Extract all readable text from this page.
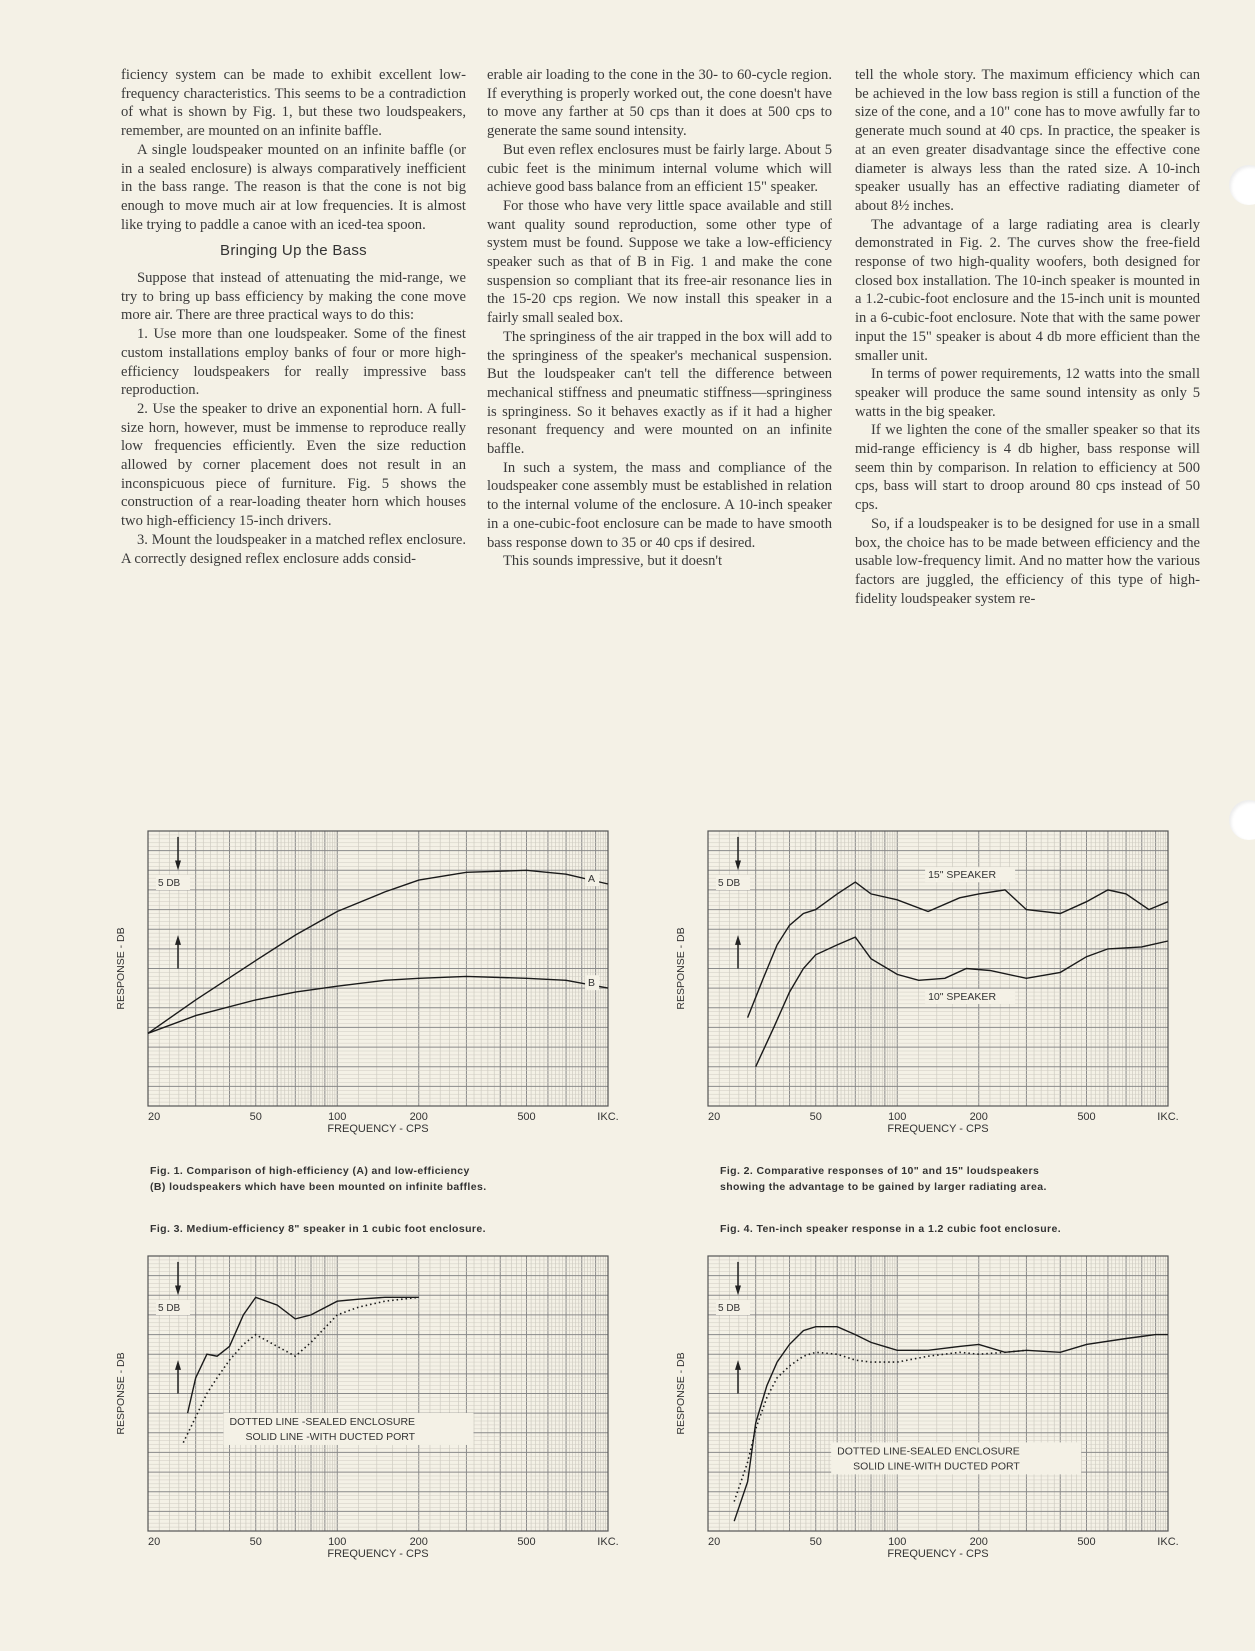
ficiency system can be made to exhibit excellent low-frequency characteristics. This seems to be a contradiction of what is shown by Fig. 1, but these two loudspeakers, remember, are mounted on an infinite baffle.

A single loudspeaker mounted on an infinite baffle (or in a sealed enclosure) is always comparatively inefficient in the bass range. The reason is that the cone is not big enough to move much air at low frequencies. It is almost like trying to paddle a canoe with an iced-tea spoon.

Bringing Up the Bass

Suppose that instead of attenuating the mid-range, we try to bring up bass efficiency by making the cone move more air. There are three practical ways to do this:

1. Use more than one loudspeaker. Some of the finest custom installations employ banks of four or more high-efficiency loudspeakers for really impressive bass reproduction.

2. Use the speaker to drive an exponential horn. A full-size horn, however, must be immense to reproduce really low frequencies efficiently. Even the size reduction allowed by corner placement does not result in an inconspicuous piece of furniture. Fig. 5 shows the construction of a rear-loading theater horn which houses two high-efficiency 15-inch drivers.

3. Mount the loudspeaker in a matched reflex enclosure. A correctly designed reflex enclosure adds consid-

erable air loading to the cone in the 30- to 60-cycle region. If everything is properly worked out, the cone doesn't have to move any farther at 50 cps than it does at 500 cps to generate the same sound intensity.

But even reflex enclosures must be fairly large. About 5 cubic feet is the minimum internal volume which will achieve good bass balance from an efficient 15" speaker.

For those who have very little space available and still want quality sound reproduction, some other type of system must be found. Suppose we take a low-efficiency speaker such as that of B in Fig. 1 and make the cone suspension so compliant that its free-air resonance lies in the 15-20 cps region. We now install this speaker in a fairly small sealed box.

The springiness of the air trapped in the box will add to the springiness of the speaker's mechanical suspension. But the loudspeaker can't tell the difference between mechanical stiffness and pneumatic stiffness—springiness is springiness. So it behaves exactly as if it had a higher resonant frequency and were mounted on an infinite baffle.

In such a system, the mass and compliance of the loudspeaker cone assembly must be established in relation to the internal volume of the enclosure. A 10-inch speaker in a one-cubic-foot enclosure can be made to have smooth bass response down to 35 or 40 cps if desired.

This sounds impressive, but it doesn't

tell the whole story. The maximum efficiency which can be achieved in the low bass region is still a function of the size of the cone, and a 10" cone has to move awfully far to generate much sound at 40 cps. In practice, the speaker is at an even greater disadvantage since the effective cone diameter is always less than the rated size. A 10-inch speaker usually has an effective radiating diameter of about 8½ inches.

The advantage of a large radiating area is clearly demonstrated in Fig. 2. The curves show the free-field response of two high-quality woofers, both designed for closed box installation. The 10-inch speaker is mounted in a 1.2-cubic-foot enclosure and the 15-inch unit is mounted in a 6-cubic-foot enclosure. Note that with the same power input the 15" speaker is about 4 db more efficient than the smaller unit.

In terms of power requirements, 12 watts into the small speaker will produce the same sound intensity as only 5 watts in the big speaker.

If we lighten the cone of the smaller speaker so that its mid-range efficiency is 4 db higher, bass response will seem thin by comparison. In relation to efficiency at 500 cps, bass will start to droop around 80 cps instead of 50 cps.

So, if a loudspeaker is to be designed for use in a small box, the choice has to be made between efficiency and the usable low-frequency limit. And no matter how the various factors are juggled, the efficiency of this type of high-fidelity loudspeaker system re-

5 DB	A
B
20	50	100	200	500	IKC.
FREQUENCY - CPS
RESPONSE - DB
Fig. 1. Comparison of high-efficiency (A) and low-efficiency
(B) loudspeakers which have been mounted on infinite baffles.
5 DB
15" SPEAKER
10" SPEAKER
20	50	100	200	500	IKC.
FREQUENCY - CPS
RESPONSE - DB
Fig. 2. Comparative responses of 10" and 15" loudspeakers
showing the advantage to be gained by larger radiating area.
Fig. 3. Medium-efficiency 8" speaker in 1 cubic foot enclosure.
5 DB
DOTTED LINE -SEALED ENCLOSURE
SOLID LINE -WITH DUCTED PORT
20	50	100	200	500	IKC.
FREQUENCY - CPS
RESPONSE - DB
Fig. 4. Ten-inch speaker response in a 1.2 cubic foot enclosure.
5 DB
DOTTED LINE-SEALED ENCLOSURE
SOLID LINE-WITH DUCTED PORT
20	50	100	200	500	IKC.
FREQUENCY - CPS
RESPONSE - DB
